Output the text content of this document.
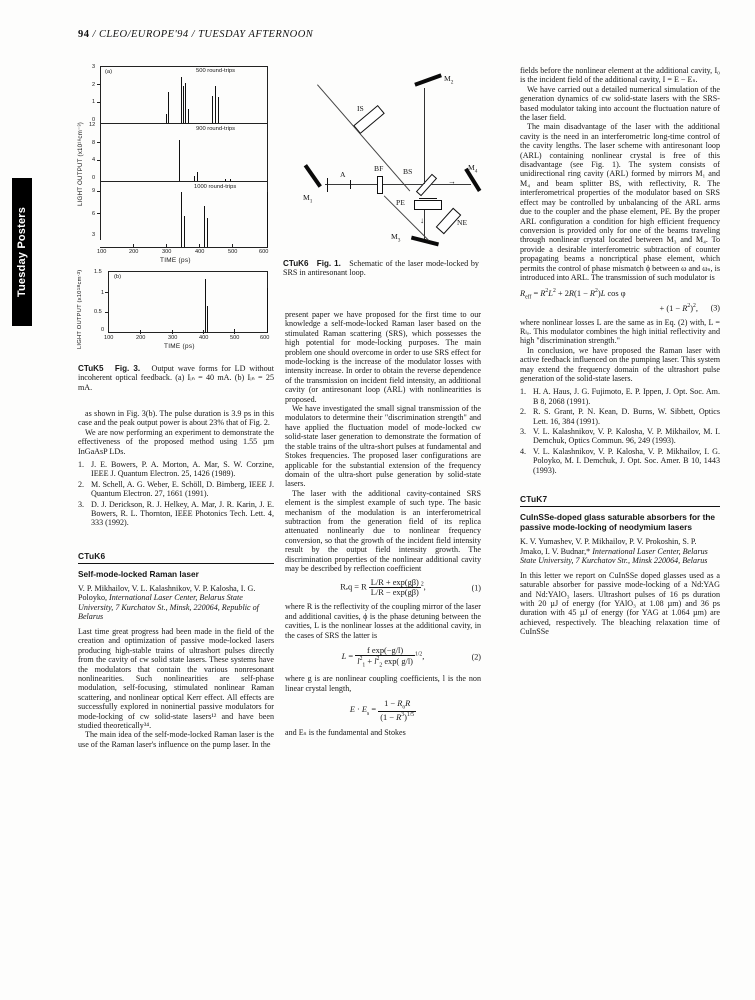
94 / CLEO/EUROPE'94 / TUESDAY AFTERNOON
Tuesday Posters
LIGHT OUTPUT (x10¹⁸cm⁻³)
500 round-trips
(a)
3
2
1
0
900 round-trips
12
8
4
0
1000 round-trips
9
6
3
100	200	300	400	500	600
TIME (ps)
LIGHT OUTPUT (x1018cm-3)
(b)
1.5
1
0.5
0
100	200	300	400	500	600
TIME (ps)
CTuK5 Fig. 3. Output wave forms for LD without incoherent optical feedback. (a) Iᵢₙ = 40 mA. (b) Iᵢₙ = 25 mA.
$M_2$
IS
$M_1$
A
BF	BS	$M_4$
→
PE
↓
$M_3$
NE
CTuK6 Fig. 1. Schematic of the laser mode-locked by SRS in antiresonant loop.

as shown in Fig. 3(b). The pulse duration is 3.9 ps in this case and the peak output power is about 23% that of Fig. 2.

We are now performing an experiment to demonstrate the effectiveness of the proposed method using 1.55 µm InGaAsP LDs.

1. J. E. Bowers, P. A. Morton, A. Mar, S. W. Corzine, IEEE J. Quantum Electron. 25, 1426 (1989).
2. M. Schell, A. G. Weber, E. Schöll, D. Bimberg, IEEE J. Quantum Electron. 27, 1661 (1991).
3. D. J. Derickson, R. J. Helkey, A. Mar, J. R. Karin, J. E. Bowers, R. L. Thornton, IEEE Photonics Tech. Lett. 4, 333 (1992).
CTuK6
Self-mode-locked Raman laser
V. P. Mikhailov, V. L. Kalashnikov, V. P. Kalosha, I. G. Poloyko, International Laser Center, Belarus State University, 7 Kurchatov St., Minsk, 220064, Republic of Belarus

Last time great progress had been made in the field of the creation and optimization of passive mode-locked lasers producing high-stable trains of ultrashort pulses directly from the cavity of cw solid state lasers. These systems have the modulators that contain the various nonresonant nonlinearities. Such nonlinearities are self-phase modulation, self-focusing, stimulated nonlinear Raman scattering, and nonlinear optical Kerr effect. All effects are successfully explored in noninertial passive modulators for mode-locking of cw solid-state lasers¹² and have been studied theoretically³⁴.

The main idea of the self-mode-locked Raman laser is the use of the Raman laser's influence on the pump laser. In the

present paper we have proposed for the first time to our knowledge a self-mode-locked Raman laser based on the stimulated Raman scattering (SRS), which possesses the high potential for mode-locking purposes. The main problem one should overcome in order to use SRS effect for mode-locking is the increase of the modulator losses with intensity increase. In order to obtain the reverse dependence of the transmission on incident field intensity, an additional cavity (or antiresonant loop (ARL) with nonlinearities is proposed.

We have investigated the small signal transmission of the modulators to determine their "discrimination strength" and have applied the fluctuation model of mode-locked cw solid-state laser generation to demonstrate the formation of the stable trains of the ultra-short pulses at fundamental and Stokes frequencies. The proposed laser configurations are applicable for the substantial extension of the frequency domain of the ultra-short pulse generation by solid-state lasers.

The laser with the additional cavity-contained SRS element is the simplest example of such type. The basic mechanism of the modulation is an interferometrical subtraction from the generation field of its replica attenuated nonlinearly due to nonlinear frequency conversion, so that the growth of the incident field intensity result by the output field intensity growth. The discrimination properties of the nonlinear additional cavity may be described by reflection coefficient

Rₑq = R $\frac{L/R + \exp(g\beta)}{L/R - \exp(g\beta)} ^2$,	(1)

where R is the reflectivity of the coupling mirror of the laser and additional cavities, ϕ is the phase detuning between the cavities, L is the nonlinear losses at the additional cavity, in the cases of SRS the latter is

$L = \frac{\text{f exp(−g/l)}}{l^2_1 + l^2_2 \exp( g/l)} ^{1/2}$,	(2)

where g is are nonlinear coupling coefficients, l is the non linear crystal length,

$E \cdot E_s = \frac{1 - R_oR}{(1 - R^3)^{1/5}}$

and Eₛ is the fundamental and Stokes

fields before the nonlinear element at the additional cavity, I₀ is the incident field of the additional cavity, I = E − Eₛ.

We have carried out a detailed numerical simulation of the generation dynamics of cw solid-state lasers with the SRS-based modulator taking into account the fluctuation nature of the laser field.

The main disadvantage of the laser with the additional cavity is the need in an interferometric long-time control of the cavity lengths. The laser scheme with antiresonant loop (ARL) containing nonlinear crystal is free of this disadvantage (see Fig. 1). The system consists of unidirectional ring cavity (ARL) formed by mirrors M₁ and M₄ and beam splitter BS, with reflectivity, R. The interferometrical properties of the modulator based on SRS effect may be controlled by unbalancing of the ARL arms due to the coupler and the phase element, PE. By the proper ARL configuration a condition for high efficient frequency conversion is provided only for one of the beams traveling through nonlinear crystal located between M₃ and M₄. To provide a desirable interferometric subtraction of counter propagating beams a noncriptical phase element, which permits the control of phase mismatch ϕ between ω and ωₛ, is introduced into ARL. The transmission of such modulator is

$R_{eff} = R^2L^2 + 2R(1 - R^2)L$ cos φ
+ $(1 - R^2)^2$, (3)

where nonlinear losses L are the same as in Eq. (2) with, L = Rₗₒ. This modulator combines the high initial reflectivity and high "discrimination strength."

In conclusion, we have proposed the Raman laser with active feedback influenced on the pumping laser. This system may extend the frequency domain of the ultrashort pulse generation of the solid-state lasers.

1. H. A. Haus, J. G. Fujimoto, E. P. Ippen, J. Opt. Soc. Am. B 8, 2068 (1991).
2. R. S. Grant, P. N. Kean, D. Burns, W. Sibbett, Optics Lett. 16, 384 (1991).
3. V. L. Kalashnikov, V. P. Kalosha, V. P. Mikhailov, M. I. Demchuk, Optics Commun. 96, 249 (1993).
4. V. L. Kalashnikov, V. P. Kalosha, V. P. Mikhailov, I. G. Poloyko, M. I. Demchuk, J. Opt. Soc. Amer. B 10, 1443 (1993).
CTuK7
CuInSSe-doped glass saturable absorbers for the passive mode-locking of neodymium lasers
K. V. Yumashev, V. P. Mikhailov, P. V. Prokoshin, S. P. Jmako, I. V. Budnar,* International Laser Center, Belarus State University, 7 Kurchatov Str., Minsk 220064, Belarus

In this letter we report on CuInSSe doped glasses used as a saturable absorber for passive mode-locking of a Nd:YAG and Nd:YAlO₃ lasers. Ultrashort pulses of 16 ps duration with 20 µJ of energy (for YAlO₃ at 1.08 µm) and 36 ps duration with 45 µJ of energy (for YAG at 1.064 µm) are achieved, respectively. The bleaching relaxation time of CuInSSe
